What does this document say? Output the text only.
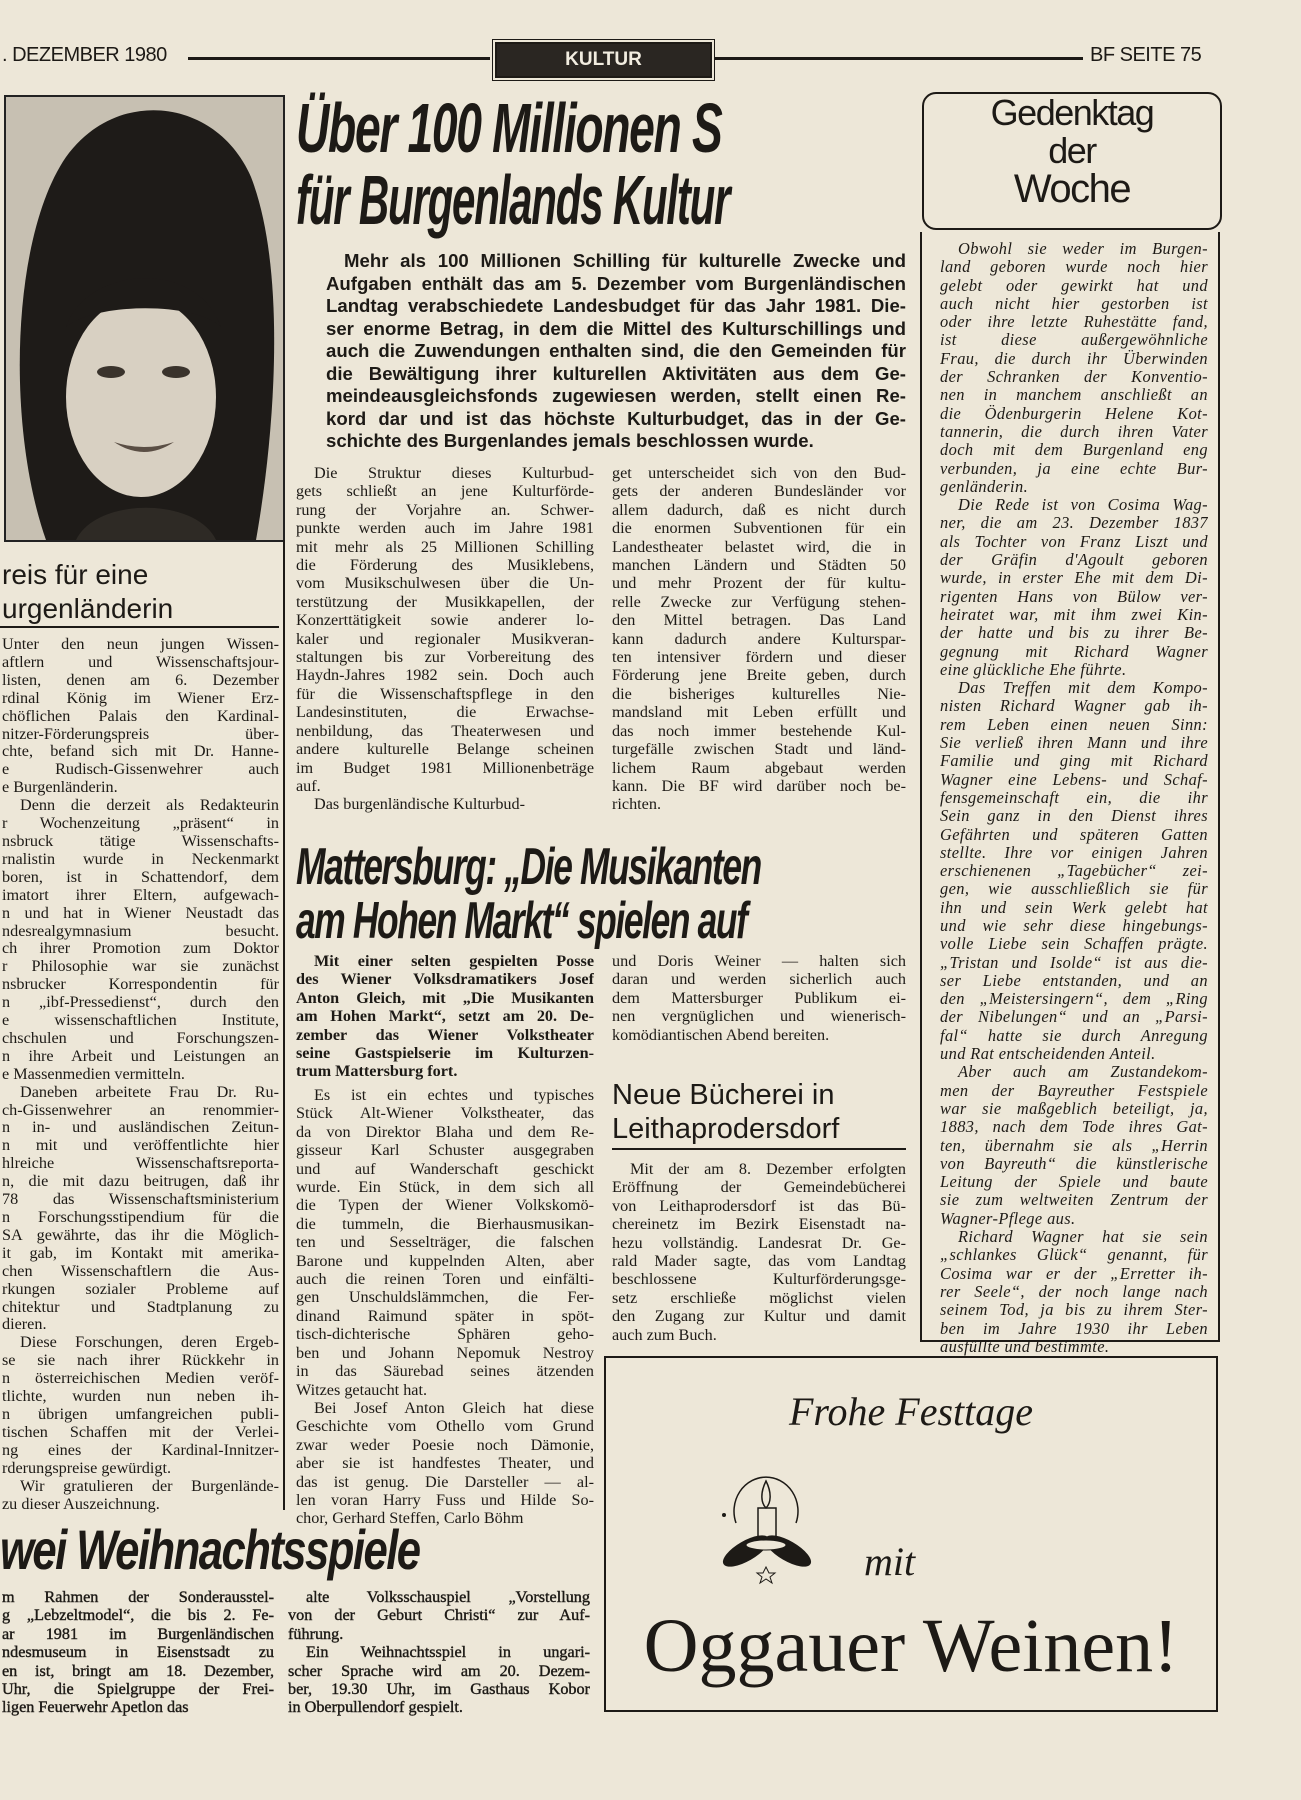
. DEZEMBER 1980	KULTUR	BF SEITE 75
Über 100 Millionen S
für Burgenlands Kultur
Mehr als 100 Millionen Schilling für kulturelle Zwecke und
Aufgaben enthält das am 5. Dezember vom Burgenländischen
Landtag verabschiedete Landesbudget für das Jahr 1981. Die-
ser enorme Betrag, in dem die Mittel des Kulturschillings und
auch die Zuwendungen enthalten sind, die den Gemeinden für
die Bewältigung ihrer kulturellen Aktivitäten aus dem Ge-
meindeausgleichsfonds zugewiesen werden, stellt einen Re-
kord dar und ist das höchste Kulturbudget, das in der Ge-
schichte des Burgenlandes jemals beschlossen wurde.
Die Struktur dieses Kulturbud-
gets schließt an jene Kulturförde-
rung der Vorjahre an. Schwer-
punkte werden auch im Jahre 1981
mit mehr als 25 Millionen Schilling
die Förderung des Musiklebens,
vom Musikschulwesen über die Un-
terstützung der Musikkapellen, der
Konzerttätigkeit sowie anderer lo-
kaler und regionaler Musikveran-
staltungen bis zur Vorbereitung des
Haydn-Jahres 1982 sein. Doch auch
für die Wissenschaftspflege in den
Landesinstituten, die Erwachse-
nenbildung, das Theaterwesen und
andere kulturelle Belange scheinen
im Budget 1981 Millionenbeträge
auf.
Das burgenländische Kulturbud-
get unterscheidet sich von den Bud-
gets der anderen Bundesländer vor
allem dadurch, daß es nicht durch
die enormen Subventionen für ein
Landestheater belastet wird, die in
manchen Ländern und Städten 50
und mehr Prozent der für kultu-
relle Zwecke zur Verfügung stehen-
den Mittel betragen. Das Land
kann dadurch andere Kulturspar-
ten intensiver fördern und dieser
Förderung jene Breite geben, durch
die bisheriges kulturelles Nie-
mandsland mit Leben erfüllt und
das noch immer bestehende Kul-
turgefälle zwischen Stadt und länd-
lichem Raum abgebaut werden
kann. Die BF wird darüber noch be-
richten.
reis für eine
urgenländerin
Unter den neun jungen Wissen-
aftlern und Wissenschaftsjour-
listen, denen am 6. Dezember
rdinal König im Wiener Erz-
chöflichen Palais den Kardinal-
nitzer-Förderungspreis über-
chte, befand sich mit Dr. Hanne-
e Rudisch-Gissenwehrer auch
e Burgenländerin.
Denn die derzeit als Redakteurin
r Wochenzeitung „präsent“ in
nsbruck tätige Wissenschafts-
rnalistin wurde in Neckenmarkt
boren, ist in Schattendorf, dem
imatort ihrer Eltern, aufgewach-
n und hat in Wiener Neustadt das
ndesrealgymnasium besucht.
ch ihrer Promotion zum Doktor
r Philosophie war sie zunächst
nsbrucker Korrespondentin für
n „ibf-Pressedienst“, durch den
e wissenschaftlichen Institute,
chschulen und Forschungszen-
n ihre Arbeit und Leistungen an
e Massenmedien vermitteln.
Daneben arbeitete Frau Dr. Ru-
ch-Gissenwehrer an renommier-
n in- und ausländischen Zeitun-
n mit und veröffentlichte hier
hlreiche Wissenschaftsreporta-
n, die mit dazu beitrugen, daß ihr
78 das Wissenschaftsministerium
n Forschungsstipendium für die
SA gewährte, das ihr die Möglich-
it gab, im Kontakt mit amerika-
chen Wissenschaftlern die Aus-
rkungen sozialer Probleme auf
chitektur und Stadtplanung zu
dieren.
Diese Forschungen, deren Ergeb-
se sie nach ihrer Rückkehr in
n österreichischen Medien veröf-
tlichte, wurden nun neben ih-
n übrigen umfangreichen publi-
tischen Schaffen mit der Verlei-
ng eines der Kardinal-Innitzer-
rderungspreise gewürdigt.
Wir gratulieren der Burgenlände-
zu dieser Auszeichnung.
Gedenktag
der
Woche
Obwohl sie weder im Burgen-
land geboren wurde noch hier
gelebt oder gewirkt hat und
auch nicht hier gestorben ist
oder ihre letzte Ruhestätte fand,
ist diese außergewöhnliche
Frau, die durch ihr Überwinden
der Schranken der Konventio-
nen in manchem anschließt an
die Ödenburgerin Helene Kot-
tannerin, die durch ihren Vater
doch mit dem Burgenland eng
verbunden, ja eine echte Bur-
genländerin.
Die Rede ist von Cosima Wag-
ner, die am 23. Dezember 1837
als Tochter von Franz Liszt und
der Gräfin d'Agoult geboren
wurde, in erster Ehe mit dem Di-
rigenten Hans von Bülow ver-
heiratet war, mit ihm zwei Kin-
der hatte und bis zu ihrer Be-
gegnung mit Richard Wagner
eine glückliche Ehe führte.
Das Treffen mit dem Kompo-
nisten Richard Wagner gab ih-
rem Leben einen neuen Sinn:
Sie verließ ihren Mann und ihre
Familie und ging mit Richard
Wagner eine Lebens- und Schaf-
fensgemeinschaft ein, die ihr
Sein ganz in den Dienst ihres
Gefährten und späteren Gatten
stellte. Ihre vor einigen Jahren
erschienenen „Tagebücher“ zei-
gen, wie ausschließlich sie für
ihn und sein Werk gelebt hat
und wie sehr diese hingebungs-
volle Liebe sein Schaffen prägte.
„Tristan und Isolde“ ist aus die-
ser Liebe entstanden, und an
den „Meistersingern“, dem „Ring
der Nibelungen“ und an „Parsi-
fal“ hatte sie durch Anregung
und Rat entscheidenden Anteil.
Aber auch am Zustandekom-
men der Bayreuther Festspiele
war sie maßgeblich beteiligt, ja,
1883, nach dem Tode ihres Gat-
ten, übernahm sie als „Herrin
von Bayreuth“ die künstlerische
Leitung der Spiele und baute
sie zum weltweiten Zentrum der
Wagner-Pflege aus.
Richard Wagner hat sie sein
„schlankes Glück“ genannt, für
Cosima war er der „Erretter ih-
rer Seele“, der noch lange nach
seinem Tod, ja bis zu ihrem Ster-
ben im Jahre 1930 ihr Leben
ausfüllte und bestimmte.
Mattersburg: „Die Musikanten
am Hohen Markt“ spielen auf
Mit einer selten gespielten Posse
des Wiener Volksdramatikers Josef
Anton Gleich, mit „Die Musikanten
am Hohen Markt“, setzt am 20. De-
zember das Wiener Volkstheater
seine Gastspielserie im Kulturzen-
trum Mattersburg fort.
Es ist ein echtes und typisches
Stück Alt-Wiener Volkstheater, das
da von Direktor Blaha und dem Re-
gisseur Karl Schuster ausgegraben
und auf Wanderschaft geschickt
wurde. Ein Stück, in dem sich all
die Typen der Wiener Volkskomö-
die tummeln, die Bierhausmusikan-
ten und Sesselträger, die falschen
Barone und kuppelnden Alten, aber
auch die reinen Toren und einfälti-
gen Unschuldslämmchen, die Fer-
dinand Raimund später in spöt-
tisch-dichterische Sphären geho-
ben und Johann Nepomuk Nestroy
in das Säurebad seines ätzenden
Witzes getaucht hat.
Bei Josef Anton Gleich hat diese
Geschichte vom Othello vom Grund
zwar weder Poesie noch Dämonie,
aber sie ist handfestes Theater, und
das ist genug. Die Darsteller — al-
len voran Harry Fuss und Hilde So-
chor, Gerhard Steffen, Carlo Böhm
und Doris Weiner — halten sich
daran und werden sicherlich auch
dem Mattersburger Publikum ei-
nen vergnüglichen und wienerisch-
komödiantischen Abend bereiten.
Neue Bücherei in
Leithaprodersdorf
Mit der am 8. Dezember erfolgten
Eröffnung der Gemeindebücherei
von Leithaprodersdorf ist das Bü-
chereinetz im Bezirk Eisenstadt na-
hezu vollständig. Landesrat Dr. Ge-
rald Mader sagte, das vom Landtag
beschlossene Kulturförderungsge-
setz erschließe möglichst vielen
den Zugang zur Kultur und damit
auch zum Buch.
wei Weihnachtsspiele
m Rahmen der Sonderausstel-
g „Lebzeltmodel“, die bis 2. Fe-
ar 1981 im Burgenländischen
ndesmuseum in Eisenstsadt zu
en ist, bringt am 18. Dezember,
Uhr, die Spielgruppe der Frei-
ligen Feuerwehr Apetlon das
alte Volksschauspiel „Vorstellung
von der Geburt Christi“ zur Auf-
führung.
Ein Weihnachtsspiel in ungari-
scher Sprache wird am 20. Dezem-
ber, 19.30 Uhr, im Gasthaus Kobor
in Oberpullendorf gespielt.
Frohe Festtage
mit
Oggauer Weinen!
